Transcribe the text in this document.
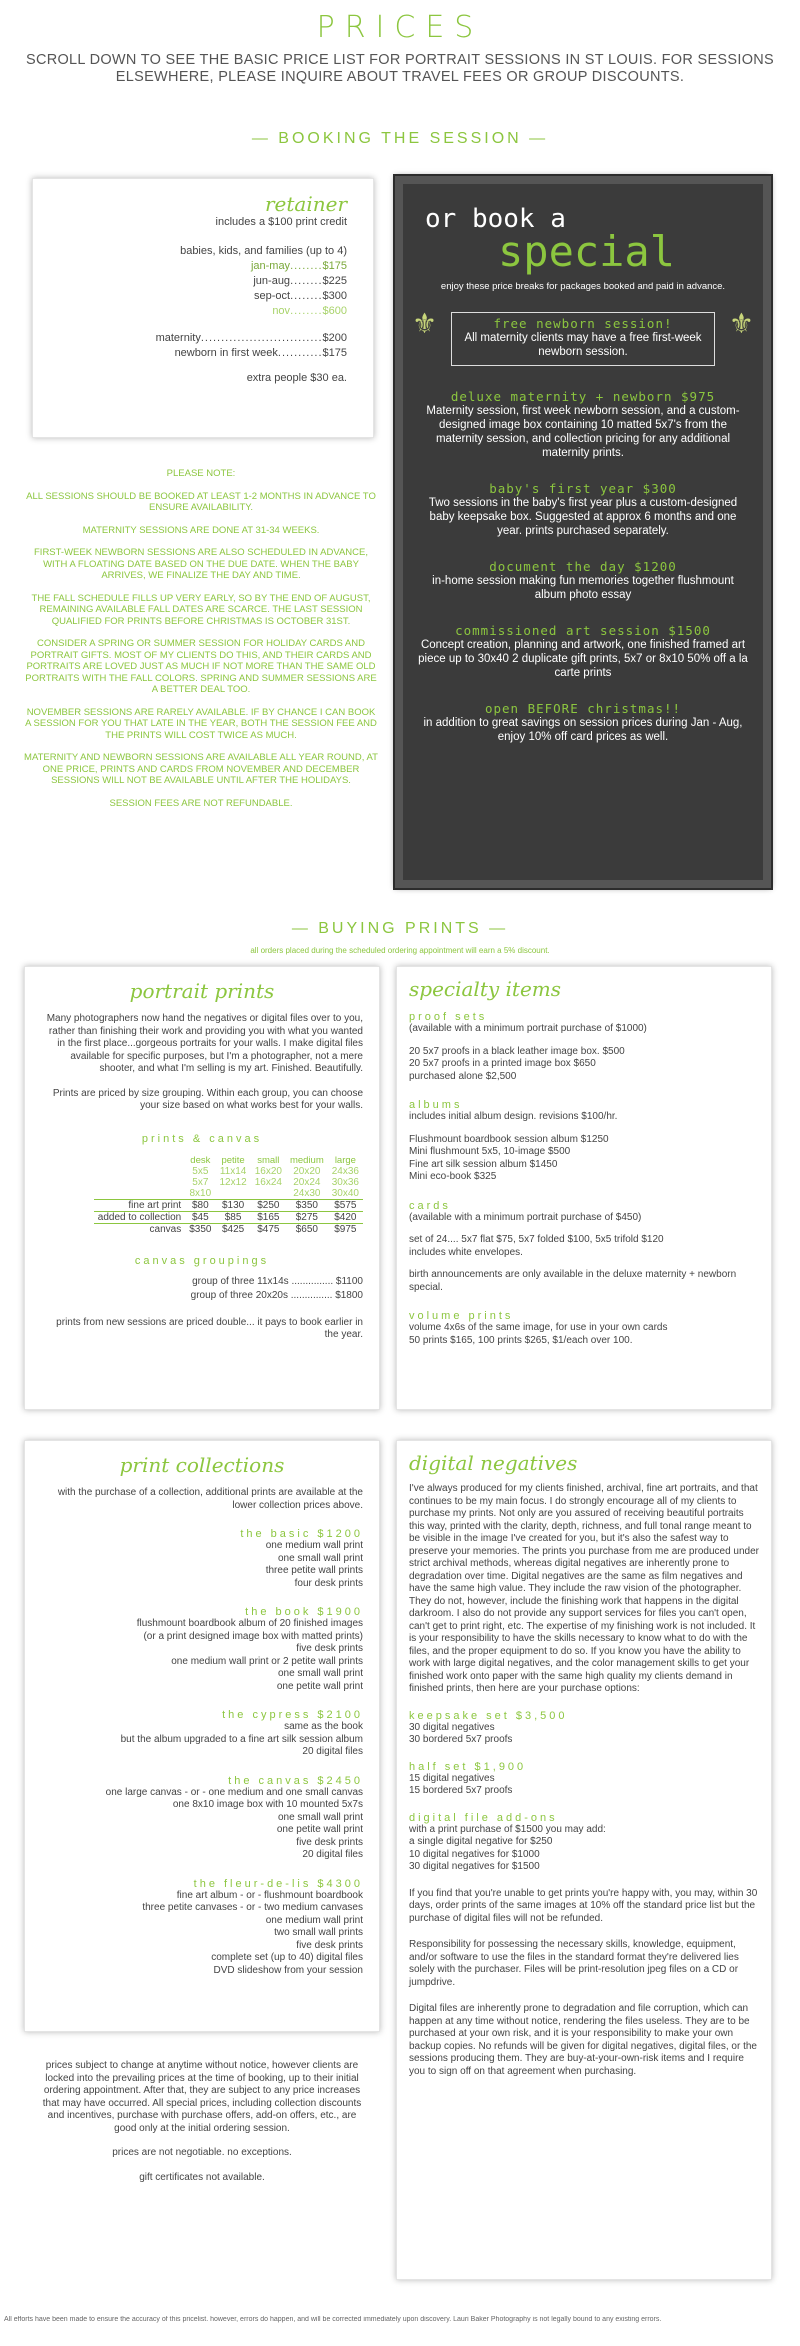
PRICES
SCROLL DOWN TO SEE THE BASIC PRICE LIST FOR PORTRAIT SESSIONS IN ST LOUIS. FOR SESSIONS ELSEWHERE, PLEASE INQUIRE ABOUT TRAVEL FEES OR GROUP DISCOUNTS.
— BOOKING THE SESSION —
retainer
includes a $100 print credit
babies, kids, and families (up to 4)
jan-may........$175
jun-aug........$225
sep-oct........$300
nov........$600
maternity..............................$200
newborn in first week...........$175
extra people $30 ea.
PLEASE NOTE:
ALL SESSIONS SHOULD BE BOOKED AT LEAST 1-2 MONTHS IN ADVANCE TO ENSURE AVAILABILITY.
MATERNITY SESSIONS ARE DONE AT 31-34 WEEKS.
FIRST-WEEK NEWBORN SESSIONS ARE ALSO SCHEDULED IN ADVANCE, WITH A FLOATING DATE BASED ON THE DUE DATE. WHEN THE BABY ARRIVES, WE FINALIZE THE DAY AND TIME.
THE FALL SCHEDULE FILLS UP VERY EARLY, SO BY THE END OF AUGUST, REMAINING AVAILABLE FALL DATES ARE SCARCE. THE LAST SESSION QUALIFIED FOR PRINTS BEFORE CHRISTMAS IS OCTOBER 31ST.
CONSIDER A SPRING OR SUMMER SESSION FOR HOLIDAY CARDS AND PORTRAIT GIFTS. MOST OF MY CLIENTS DO THIS, AND THEIR CARDS AND PORTRAITS ARE LOVED JUST AS MUCH IF NOT MORE THAN THE SAME OLD PORTRAITS WITH THE FALL COLORS. SPRING AND SUMMER SESSIONS ARE A BETTER DEAL TOO.
NOVEMBER SESSIONS ARE RARELY AVAILABLE. IF BY CHANCE I CAN BOOK A SESSION FOR YOU THAT LATE IN THE YEAR, BOTH THE SESSION FEE AND THE PRINTS WILL COST TWICE AS MUCH.
MATERNITY AND NEWBORN SESSIONS ARE AVAILABLE ALL YEAR ROUND, AT ONE PRICE, PRINTS AND CARDS FROM NOVEMBER AND DECEMBER SESSIONS WILL NOT BE AVAILABLE UNTIL AFTER THE HOLIDAYS.
SESSION FEES ARE NOT REFUNDABLE.
or book a
special
enjoy these price breaks for packages booked and paid in advance.
⚜	⚜
free newborn session!
All maternity clients may have a free first-week newborn session.
deluxe maternity + newborn $975
Maternity session, first week newborn session, and a custom-designed image box containing 10 matted 5x7's from the maternity session, and collection pricing for any additional maternity prints.
baby's first year $300
Two sessions in the baby's first year plus a custom-designed baby keepsake box. Suggested at approx 6 months and one year. prints purchased separately.
document the day $1200
in-home session making fun memories together flushmount album photo essay
commissioned art session $1500
Concept creation, planning and artwork, one finished framed art piece up to 30x40 2 duplicate gift prints, 5x7 or 8x10 50% off a la carte prints
open BEFORE christmas!!
in addition to great savings on session prices during Jan - Aug, enjoy 10% off card prices as well.
— BUYING PRINTS —
all orders placed during the scheduled ordering appointment will earn a 5% discount.
portrait prints
Many photographers now hand the negatives or digital files over to you, rather than finishing their work and providing you with what you wanted in the first place...gorgeous portraits for your walls. I make digital files available for specific purposes, but I'm a photographer, not a mere shooter, and what I'm selling is my art. Finished. Beautifully.
Prints are priced by size grouping. Within each group, you can choose your size based on what works best for your walls.
prints & canvas
	desk	petite	small	medium	large
	5x5	11x14	16x20	20x20	24x36
	5x7	12x12	16x24	20x24	30x36
	8x10			24x30	30x40
fine art print	$80	$130	$250	$350	$575
added to collection	$45	$85	$165	$275	$420
canvas	$350	$425	$475	$650	$975
canvas groupings
group of three 11x14s ............... $1100
group of three 20x20s ............... $1800
prints from new sessions are priced double... it pays to book earlier in the year.
specialty items
proof sets
(available with a minimum portrait purchase of $1000)
20 5x7 proofs in a black leather image box. $500
20 5x7 proofs in a printed image box $650
purchased alone $2,500
albums
includes initial album design. revisions $100/hr.
Flushmount boardbook session album $1250
Mini flushmount 5x5, 10-image $500
Fine art silk session album $1450
Mini eco-book $325
cards
(available with a minimum portrait purchase of $450)
set of 24.... 5x7 flat $75, 5x7 folded $100, 5x5 trifold $120
includes white envelopes.
birth announcements are only available in the deluxe maternity + newborn special.
volume prints
volume 4x6s of the same image, for use in your own cards
50 prints $165, 100 prints $265, $1/each over 100.
print collections
with the purchase of a collection, additional prints are available at the lower collection prices above.
the basic $1200
one medium wall print
one small wall print
three petite wall prints
four desk prints
the book $1900
flushmount boardbook album of 20 finished images
(or a print designed image box with matted prints)
five desk prints
one medium wall print or 2 petite wall prints
one small wall print
one petite wall print
the cypress $2100
same as the book
but the album upgraded to a fine art silk session album
20 digital files
the canvas $2450
one large canvas - or - one medium and one small canvas
one 8x10 image box with 10 mounted 5x7s
one small wall print
one petite wall print
five desk prints
20 digital files
the fleur-de-lis $4300
fine art album - or - flushmount boardbook
three petite canvases - or - two medium canvases
one medium wall print
two small wall prints
five desk prints
complete set (up to 40) digital files
DVD slideshow from your session
prices subject to change at anytime without notice, however clients are locked into the prevailing prices at the time of booking, up to their initial ordering appointment. After that, they are subject to any price increases that may have occurred. All special prices, including collection discounts and incentives, purchase with purchase offers, add-on offers, etc., are good only at the initial ordering session.
prices are not negotiable. no exceptions.
gift certificates not available.
digital negatives
I've always produced for my clients finished, archival, fine art portraits, and that continues to be my main focus. I do strongly encourage all of my clients to purchase my prints. Not only are you assured of receiving beautiful portraits this way, printed with the clarity, depth, richness, and full tonal range meant to be visible in the image I've created for you, but it's also the safest way to preserve your memories. The prints you purchase from me are produced under strict archival methods, whereas digital negatives are inherently prone to degradation over time. Digital negatives are the same as film negatives and have the same high value. They include the raw vision of the photographer. They do not, however, include the finishing work that happens in the digital darkroom. I also do not provide any support services for files you can't open, can't get to print right, etc. The expertise of my finishing work is not included. It is your responsibility to have the skills necessary to know what to do with the files, and the proper equipment to do so. If you know you have the ability to work with large digital negatives, and the color management skills to get your finished work onto paper with the same high quality my clients demand in finished prints, then here are your purchase options:
keepsake set $3,500
30 digital negatives
30 bordered 5x7 proofs
half set $1,900
15 digital negatives
15 bordered 5x7 proofs
digital file add-ons
with a print purchase of $1500 you may add:
a single digital negative for $250
10 digital negatives for $1000
30 digital negatives for $1500
If you find that you're unable to get prints you're happy with, you may, within 30 days, order prints of the same images at 10% off the standard price list but the purchase of digital files will not be refunded.
Responsibility for possessing the necessary skills, knowledge, equipment, and/or software to use the files in the standard format they're delivered lies solely with the purchaser. Files will be print-resolution jpeg files on a CD or jumpdrive.
Digital files are inherently prone to degradation and file corruption, which can happen at any time without notice, rendering the files useless. They are to be purchased at your own risk, and it is your responsibility to make your own backup copies. No refunds will be given for digital negatives, digital files, or the sessions producing them. They are buy-at-your-own-risk items and I require you to sign off on that agreement when purchasing.
All efforts have been made to ensure the accuracy of this pricelist. however, errors do happen, and will be corrected immediately upon discovery. Lauri Baker Photography is not legally bound to any existing errors.
